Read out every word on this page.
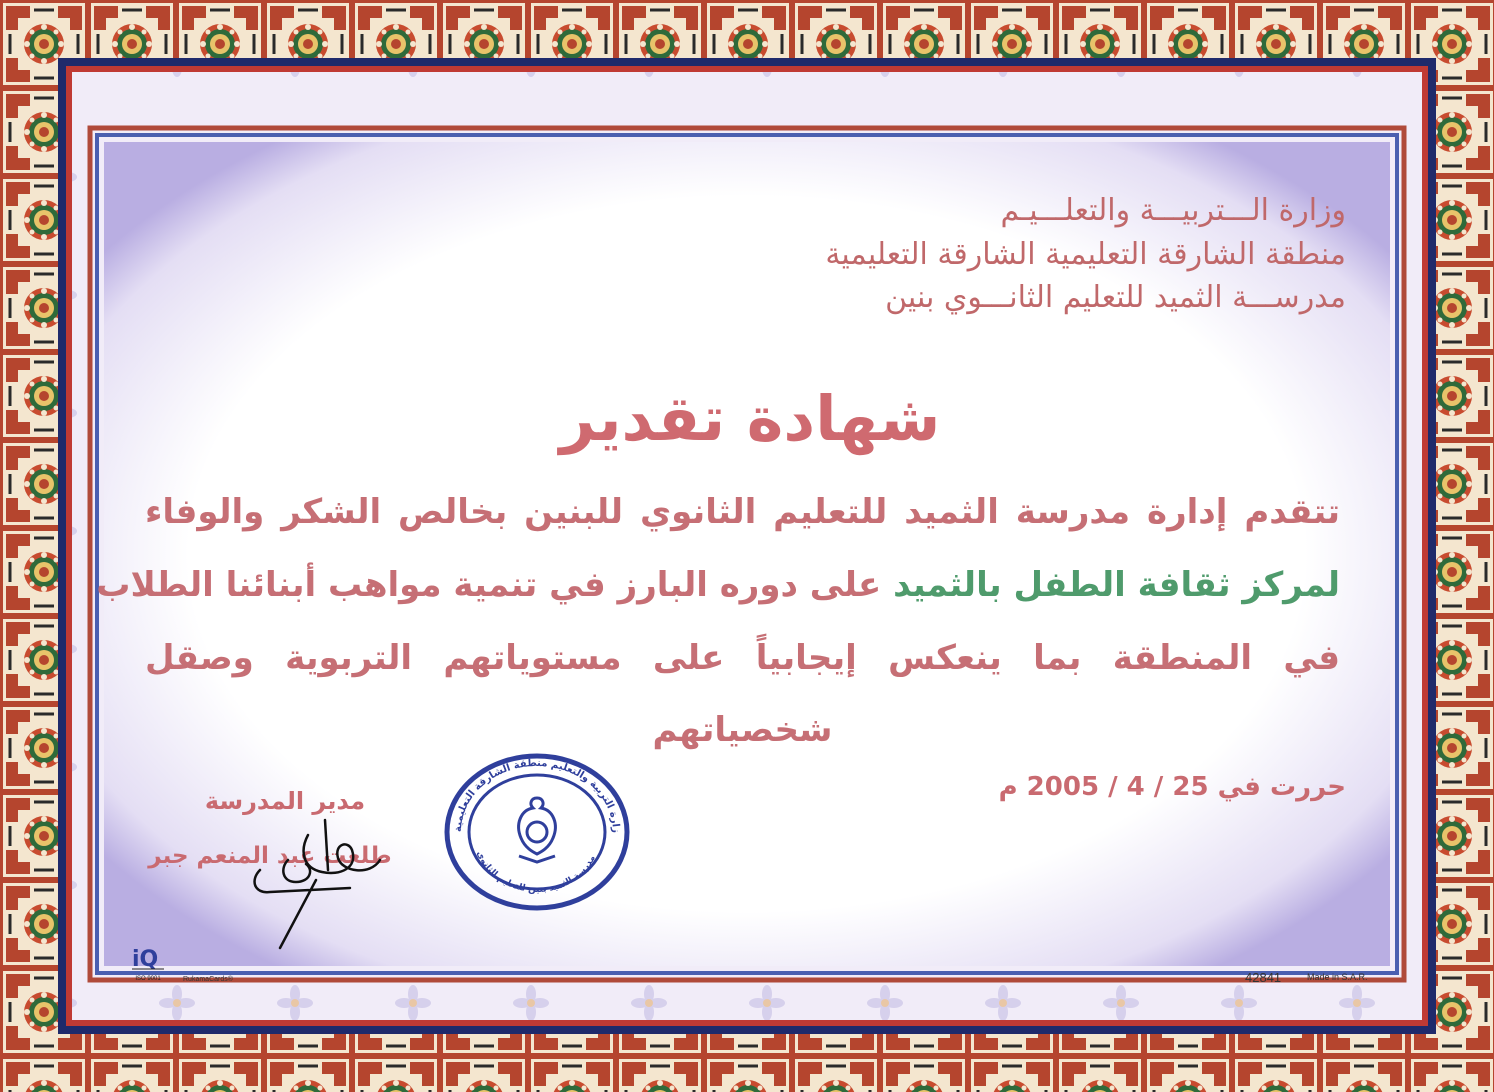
وزارة الـــتربيـــة والتعلـــيـم
منطقة الشارقة التعليمية الشارقة التعليمية
مدرســـة الثميد للتعليم الثانـــوي بنين
شهادة تقدير
تتقدم إدارة مدرسة الثميد للتعليم الثانوي للبنين بخالص الشكر والوفاء
لمركز ثقافة الطفل بالثميد على دوره البارز في تنمية مواهب أبنائنا الطلاب
في المنطقة بما ينعكس إيجابياً على مستوياتهم التربوية وصقل
شخصياتهم
حررت في 25 / 4 / 2005 م
مدير المدرسة
طلعت عبد المنعم جبر
زارة التربية والتعليم منطقة الشارقة التعليمية
مدرسة الثميد بنين للتعليم الثانوي
iQ
ISO 9001	RukamaCards®	42841	Made in S.A.R.
